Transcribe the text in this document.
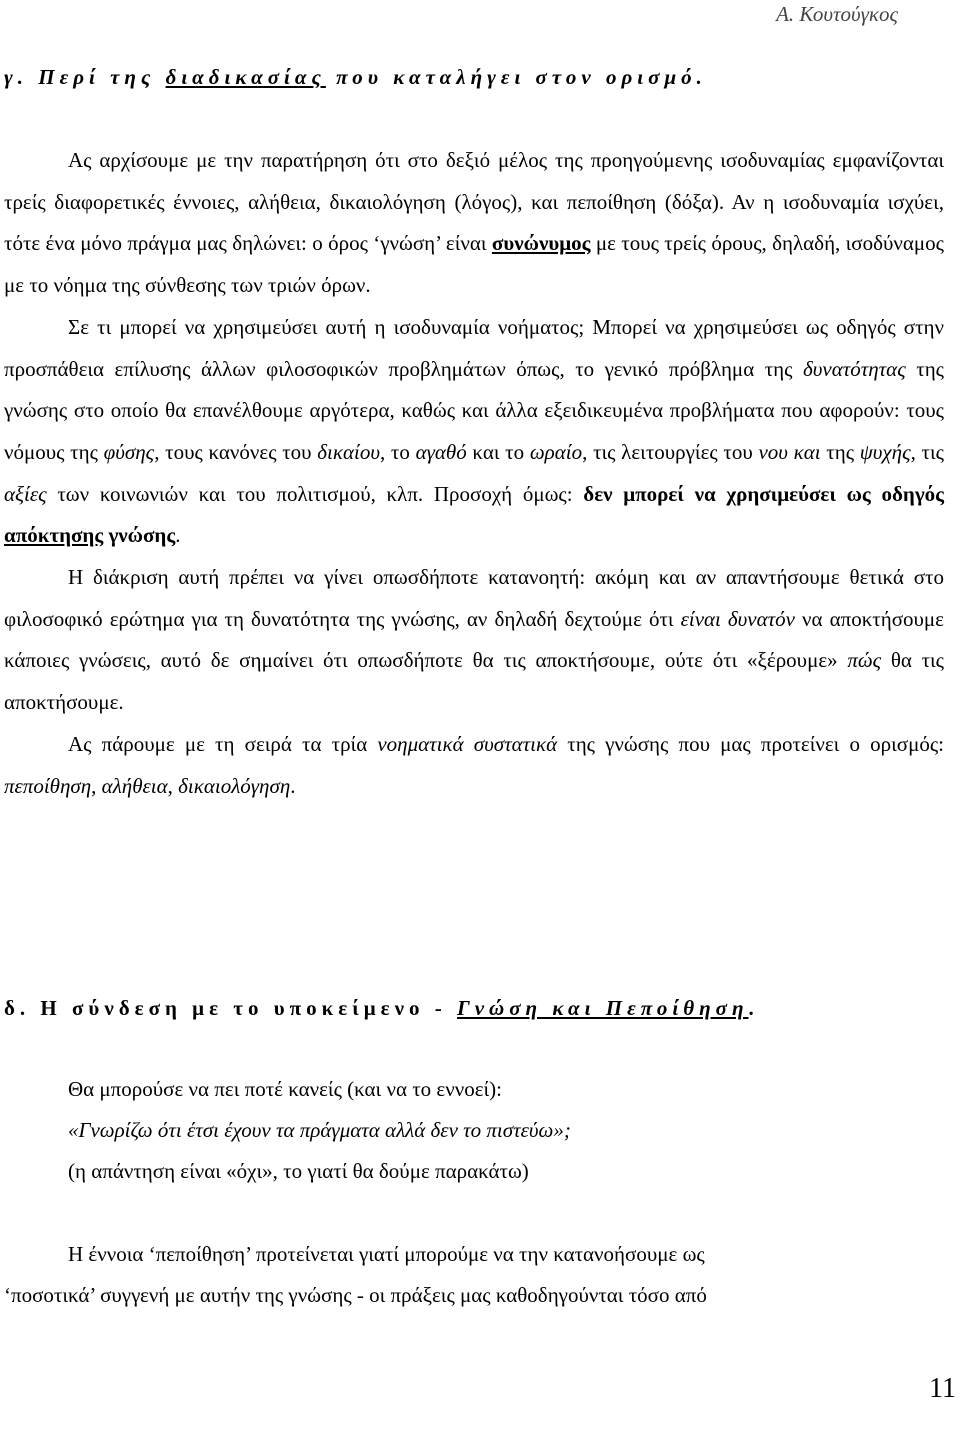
Α. Κουτούγκος
γ. Περί της διαδικασίας που καταλήγει στον ορισμό.

Ας αρχίσουμε με την παρατήρηση ότι στο δεξιό μέλος της προηγούμενης ισοδυναμίας εμφανίζονται τρείς διαφορετικές έννοιες, αλήθεια, δικαιολόγηση (λόγος), και πεποίθηση (δόξα). Αν η ισοδυναμία ισχύει, τότε ένα μόνο πράγμα μας δηλώνει: ο όρος ‘γνώση’ είναι συνώνυμος με τους τρείς όρους, δηλαδή, ισοδύναμος με το νόημα της σύνθεσης των τριών όρων.

Σε τι μπορεί να χρησιμεύσει αυτή η ισοδυναμία νοήματος; Μπορεί να χρησιμεύσει ως οδηγός στην προσπάθεια επίλυσης άλλων φιλοσοφικών προβλημάτων όπως, το γενικό πρόβλημα της δυνατότητας της γνώσης στο οποίο θα επανέλθουμε αργότερα, καθώς και άλλα εξειδικευμένα προβλήματα που αφορούν: τους νόμους της φύσης, τους κανόνες του δικαίου, το αγαθό και το ωραίο, τις λειτουργίες του νου και της ψυχής, τις αξίες των κοινωνιών και του πολιτισμού, κλπ. Προσοχή όμως: δεν μπορεί να χρησιμεύσει ως οδηγός απόκτησης γνώσης.

Η διάκριση αυτή πρέπει να γίνει οπωσδήποτε κατανοητή: ακόμη και αν απαντήσουμε θετικά στο φιλοσοφικό ερώτημα για τη δυνατότητα της γνώσης, αν δηλαδή δεχτούμε ότι είναι δυνατόν να αποκτήσουμε κάποιες γνώσεις, αυτό δε σημαίνει ότι οπωσδήποτε θα τις αποκτήσουμε, ούτε ότι «ξέρουμε» πώς θα τις αποκτήσουμε.

Ας πάρουμε με τη σειρά τα τρία νοηματικά συστατικά της γνώσης που μας προτείνει ο ορισμός: πεποίθηση, αλήθεια, δικαιολόγηση.

δ. Η σύνδεση με το υποκείμενο - Γνώση και Πεποίθηση.
Θα μπορούσε να πει ποτέ κανείς (και να το εννοεί):
«Γνωρίζω ότι έτσι έχουν τα πράγματα αλλά δεν το πιστεύω»;
(η απάντηση είναι «όχι», το γιατί θα δούμε παρακάτω)
Η έννοια ‘πεποίθηση’ προτείνεται γιατί μπορούμε να την κατανοήσουμε ως
‘ποσοτικά’ συγγενή με αυτήν της γνώσης - οι πράξεις μας καθοδηγούνται τόσο από
11
